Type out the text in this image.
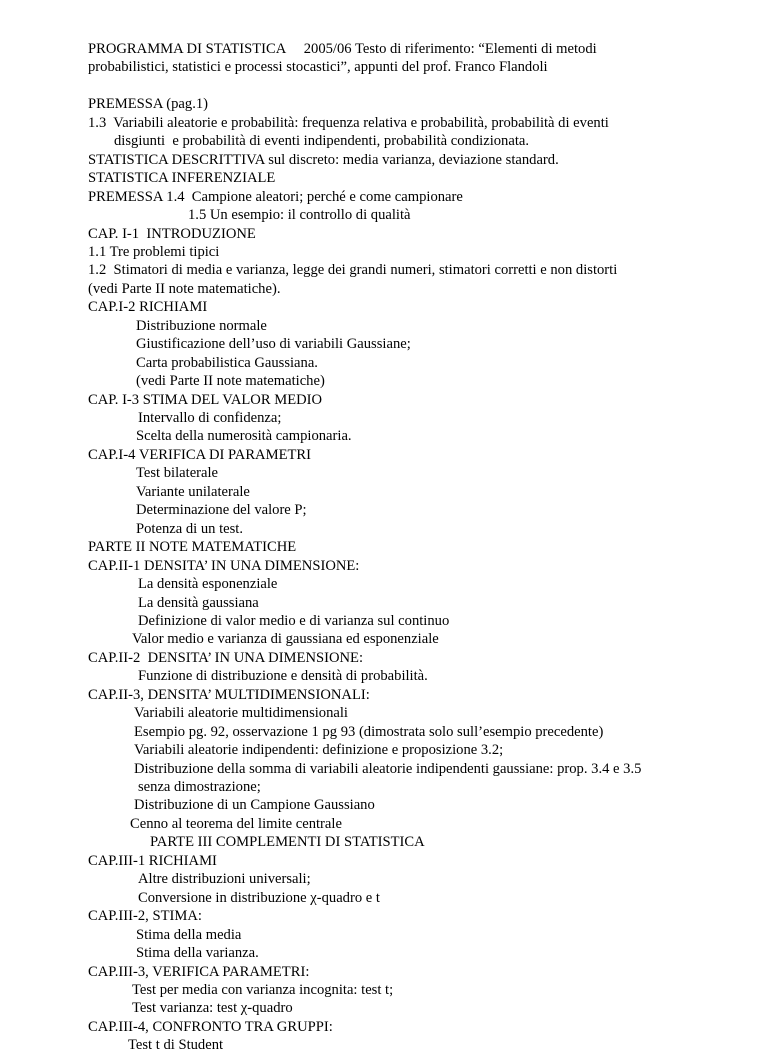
PROGRAMMA DI STATISTICA     2005/06 Testo di riferimento: “Elementi di metodi
probabilistici, statistici e processi stocastici”, appunti del prof. Franco Flandoli
PREMESSA (pag.1)
1.3  Variabili aleatorie e probabilità: frequenza relativa e probabilità, probabilità di eventi
disgiunti  e probabilità di eventi indipendenti, probabilità condizionata.
STATISTICA DESCRITTIVA sul discreto: media varianza, deviazione standard.
STATISTICA INFERENZIALE
PREMESSA 1.4  Campione aleatori; perché e come campionare
1.5 Un esempio: il controllo di qualità
CAP. I-1  INTRODUZIONE
1.1 Tre problemi tipici
1.2  Stimatori di media e varianza, legge dei grandi numeri, stimatori corretti e non distorti
(vedi Parte II note matematiche).
CAP.I-2 RICHIAMI
Distribuzione normale
Giustificazione dell’uso di variabili Gaussiane;
Carta probabilistica Gaussiana.
(vedi Parte II note matematiche)
CAP. I-3 STIMA DEL VALOR MEDIO
Intervallo di confidenza;
Scelta della numerosità campionaria.
CAP.I-4 VERIFICA DI PARAMETRI
Test bilaterale
Variante unilaterale
Determinazione del valore P;
Potenza di un test.
PARTE II NOTE MATEMATICHE
CAP.II-1 DENSITA’ IN UNA DIMENSIONE:
La densità esponenziale
La densità gaussiana
Definizione di valor medio e di varianza sul continuo
Valor medio e varianza di gaussiana ed esponenziale
CAP.II-2  DENSITA’ IN UNA DIMENSIONE:
Funzione di distribuzione e densità di probabilità.
CAP.II-3, DENSITA’ MULTIDIMENSIONALI:
Variabili aleatorie multidimensionali
Esempio pg. 92, osservazione 1 pg 93 (dimostrata solo sull’esempio precedente)
Variabili aleatorie indipendenti: definizione e proposizione 3.2;
Distribuzione della somma di variabili aleatorie indipendenti gaussiane: prop. 3.4 e 3.5
senza dimostrazione;
Distribuzione di un Campione Gaussiano
Cenno al teorema del limite centrale
PARTE III COMPLEMENTI DI STATISTICA
CAP.III-1 RICHIAMI
Altre distribuzioni universali;
Conversione in distribuzione χ-quadro e t
CAP.III-2, STIMA:
Stima della media
Stima della varianza.
CAP.III-3, VERIFICA PARAMETRI:
Test per media con varianza incognita: test t;
Test varianza: test χ-quadro
CAP.III-4, CONFRONTO TRA GRUPPI:
Test t di Student
